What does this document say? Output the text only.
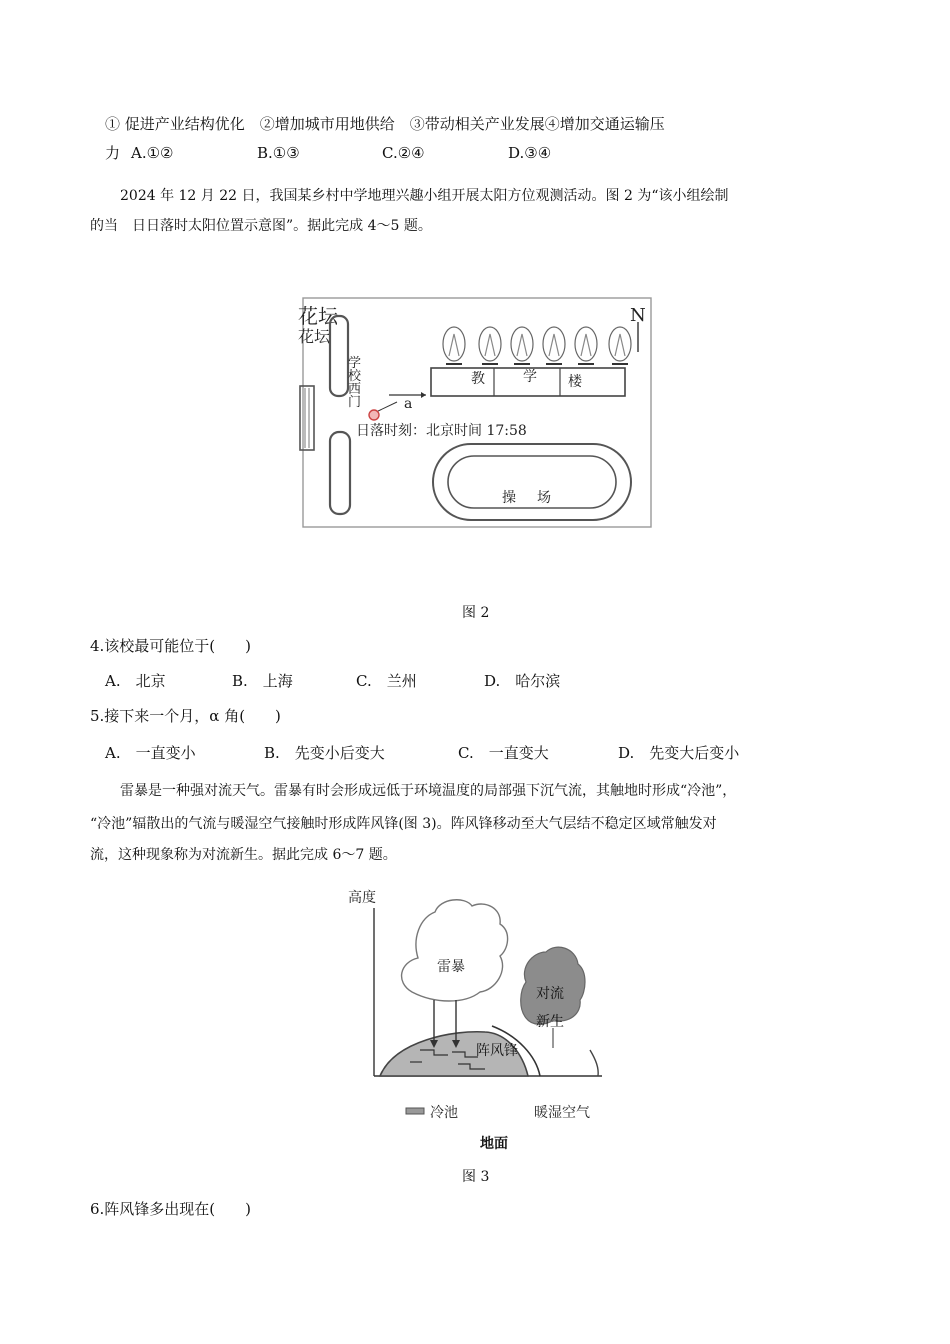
① 促进产业结构优化　②增加城市用地供给　③带动相关产业发展④增加交通运输压
力 A.①②	B.①③	C.②④	D.③④
2024 年 12 月 22 日，我国某乡村中学地理兴趣小组开展太阳方位观测活动。图 2 为“该小组绘制
的当　日日落时太阳位置示意图”。据此完成 4～5 题。
花坛
花坛
学
校
西
门
N
教	学 楼
a
日落时刻：北京时间 17:58
操 场
图 2
4.该校最可能位于(　　)
A.　北京	B.　上海	C.　兰州	D.　哈尔滨
5.接下来一个月，α 角(　　)
A.　一直变小	B.　先变小后变大	C.　一直变大	D.　先变大后变小
雷暴是一种强对流天气。雷暴有时会形成远低于环境温度的局部强下沉气流，其触地时形成“冷池”，
“冷池”辐散出的气流与暖湿空气接触时形成阵风锋(图 3)。阵风锋移动至大气层结不稳定区域常触发对
流，这种现象称为对流新生。据此完成 6～7 题。
高度
雷暴
对流
新生
阵风锋
冷池	暖湿空气
地面
图 3
6.阵风锋多出现在(　　)
